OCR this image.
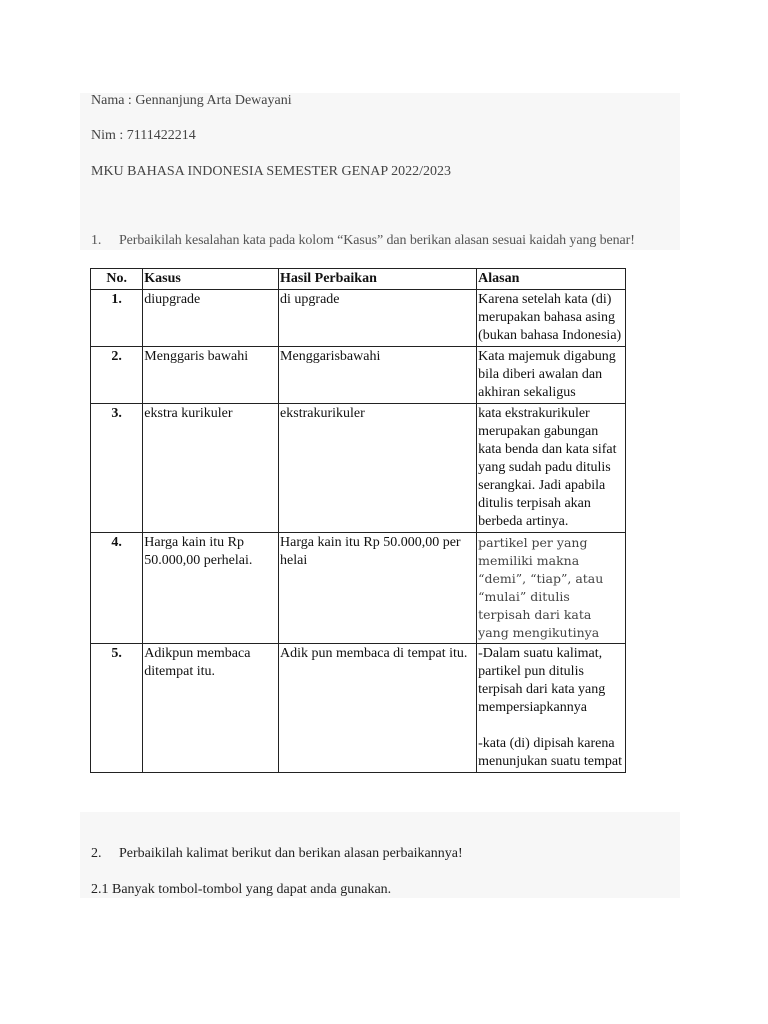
Nama : Gennanjung Arta Dewayani
Nim : 7111422214
MKU BAHASA INDONESIA SEMESTER GENAP 2022/2023
1. Perbaikilah kesalahan kata pada kolom “Kasus” dan berikan alasan sesuai kaidah yang benar!
No.	Kasus	Hasil Perbaikan	Alasan
1.	diupgrade	di upgrade	Karena setelah kata (di) merupakan bahasa asing (bukan bahasa Indonesia)
2.	Menggaris bawahi	Menggarisbawahi	Kata majemuk digabung bila diberi awalan dan akhiran sekaligus
3.	ekstra kurikuler	ekstrakurikuler	kata ekstrakurikuler merupakan gabungan kata benda dan kata sifat yang sudah padu ditulis serangkai. Jadi apabila ditulis terpisah akan berbeda artinya.
4.	Harga kain itu Rp 50.000,00 perhelai.	Harga kain itu Rp 50.000,00 per helai	partikel per yang memiliki makna “demi”, “tiap”, atau “mulai” ditulis terpisah dari kata yang mengikutinya
5.	Adikpun membaca ditempat itu.	Adik pun membaca di tempat itu.	-Dalam suatu kalimat, partikel pun ditulis terpisah dari kata yang mempersiapkannya

-kata (di) dipisah karena menunjukan suatu tempat
2. Perbaikilah kalimat berikut dan berikan alasan perbaikannya!
2.1 Banyak tombol-tombol yang dapat anda gunakan.
